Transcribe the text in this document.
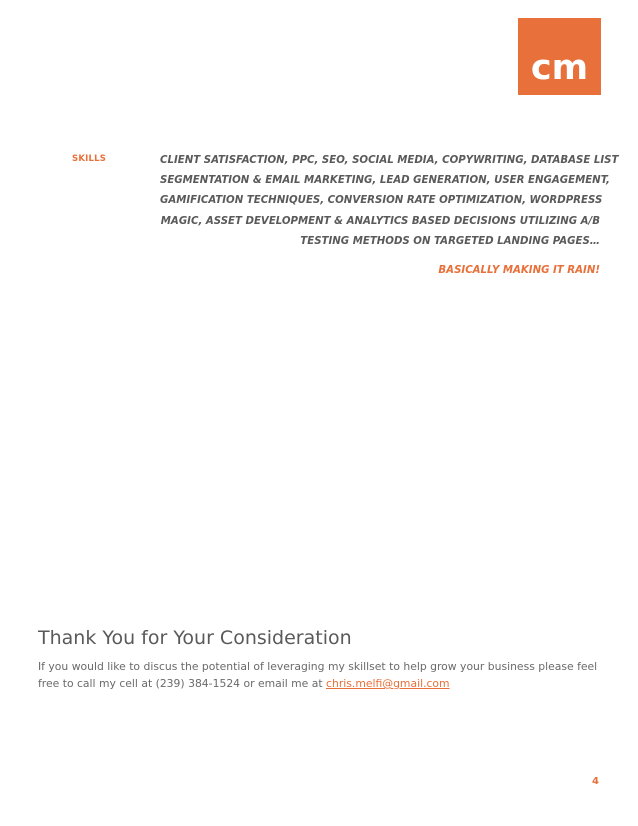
cm
SKILLS	CLIENT SATISFACTION, PPC, SEO, SOCIAL MEDIA, COPYWRITING, DATABASE LIST
SEGMENTATION & EMAIL MARKETING, LEAD GENERATION, USER ENGAGEMENT,
GAMIFICATION TECHNIQUES, CONVERSION RATE OPTIMIZATION, WORDPRESS
MAGIC, ASSET DEVELOPMENT & ANALYTICS BASED DECISIONS UTILIZING A/B
TESTING METHODS ON TARGETED LANDING PAGES…
BASICALLY MAKING IT RAIN!
Thank You for Your Consideration
If you would like to discus the potential of leveraging my skillset to help grow your business please feel
free to call my cell at (239) 384-1524 or email me at chris.melfi@gmail.com
4
